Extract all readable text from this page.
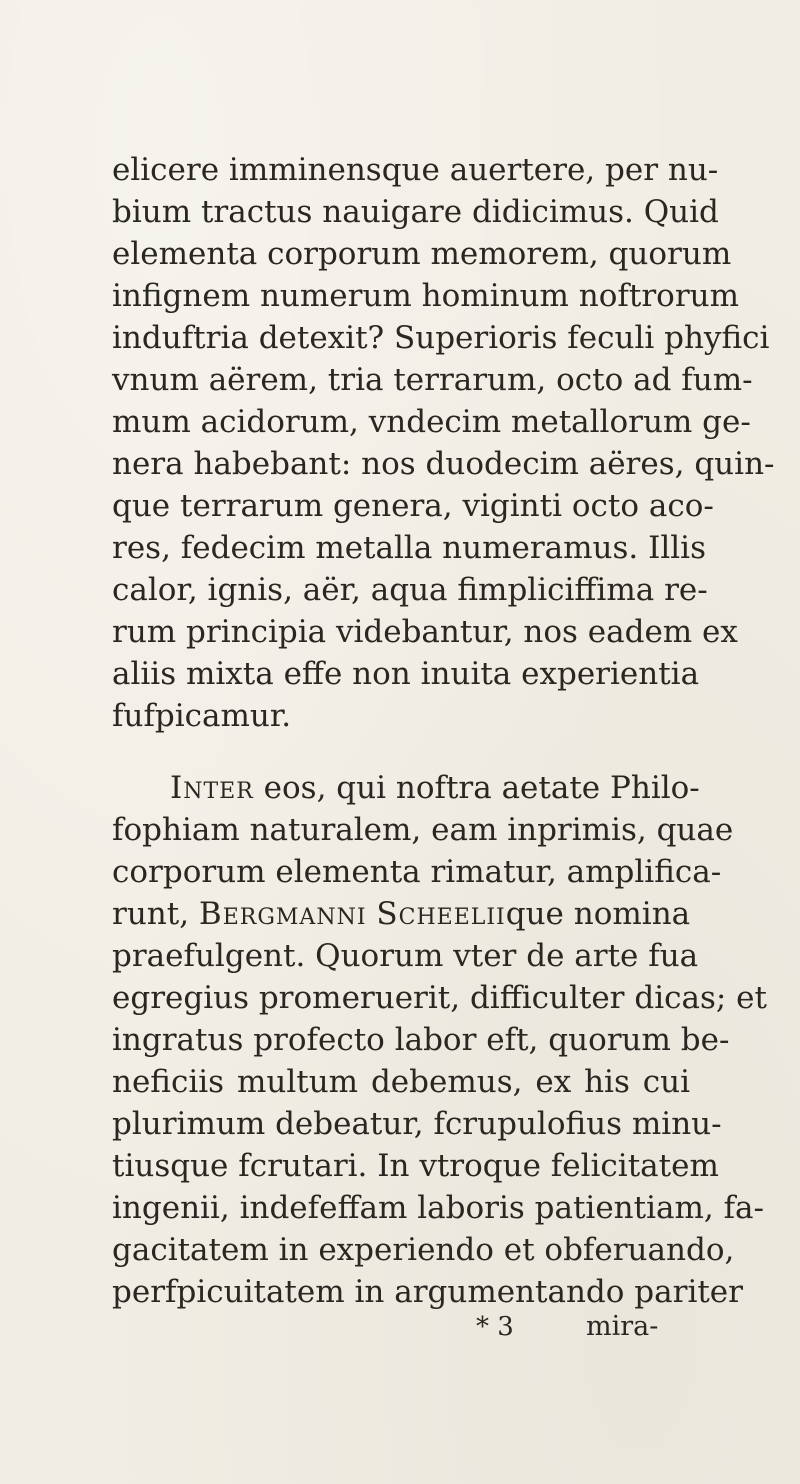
elicere imminensque auertere, per nu-
bium tractus nauigare didicimus. Quid
elementa corporum memorem, quorum
infignem numerum hominum noftrorum
induftria detexit? Superioris feculi phyfici
vnum aërem, tria terrarum, octo ad fum-
mum acidorum, vndecim metallorum ge-
nera habebant: nos duodecim aëres, quin-
que terrarum genera, viginti octo aco-
res, fedecim metalla numeramus. Illis
calor, ignis, aër, aqua fimpliciffima re-
rum principia videbantur, nos eadem ex
aliis mixta effe non inuita experientia
fufpicamur.
Inter eos, qui noftra aetate Philo-
fophiam naturalem, eam inprimis, quae
corporum elementa rimatur, amplifica-
runt, Bergmanni Scheeliique nomina
praefulgent. Quorum vter de arte fua
egregius promeruerit, difficulter dicas; et
ingratus profecto labor eft, quorum be-
neficiis multum debemus, ex his cui
plurimum debeatur, fcrupulofius minu-
tiusque fcrutari. In vtroque felicitatem
ingenii, indefeffam laboris patientiam, fa-
gacitatem in experiendo et obferuando,
perfpicuitatem in argumentando pariter
* 3	mira-
